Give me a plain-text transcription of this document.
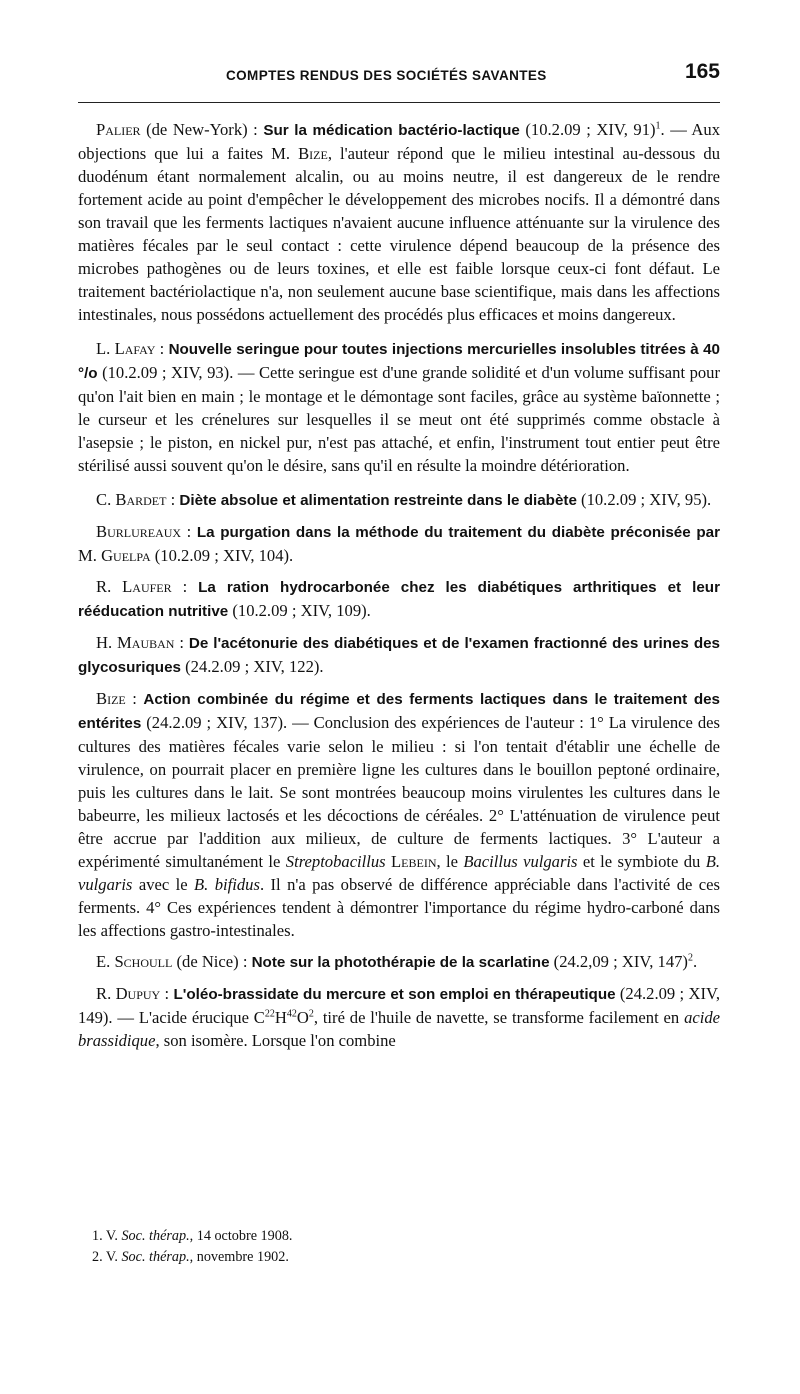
COMPTES RENDUS DES SOCIÉTÉS SAVANTES	165

Palier (de New-York) : Sur la médication bactério-lactique (10.2.09 ; XIV, 91)$^1$. — Aux objections que lui a faites M. Bize, l'auteur répond que le milieu intestinal au-dessous du duodénum étant normalement alcalin, ou au moins neutre, il est dangereux de le rendre fortement acide au point d'empêcher le développement des microbes nocifs. Il a démontré dans son travail que les ferments lactiques n'avaient aucune influence atténuante sur la virulence des matières fécales par le seul contact : cette virulence dépend beaucoup de la présence des microbes pathogènes ou de leurs toxines, et elle est faible lorsque ceux-ci font défaut. Le traitement bactériolactique n'a, non seulement aucune base scientifique, mais dans les affections intestinales, nous possédons actuellement des procédés plus efficaces et moins dangereux.

L. Lafay : Nouvelle seringue pour toutes injections mercurielles insolubles titrées à 40 °/o (10.2.09 ; XIV, 93). — Cette seringue est d'une grande solidité et d'un volume suffisant pour qu'on l'ait bien en main ; le montage et le démontage sont faciles, grâce au système baïonnette ; le curseur et les crénelures sur lesquelles il se meut ont été supprimés comme obstacle à l'asepsie ; le piston, en nickel pur, n'est pas attaché, et enfin, l'instrument tout entier peut être stérilisé aussi souvent qu'on le désire, sans qu'il en résulte la moindre détérioration.

C. Bardet : Diète absolue et alimentation restreinte dans le diabète (10.2.09 ; XIV, 95).

Burlureaux : La purgation dans la méthode du traitement du diabète préconisée par M. Guelpa (10.2.09 ; XIV, 104).

R. Laufer : La ration hydrocarbonée chez les diabétiques arthritiques et leur rééducation nutritive (10.2.09 ; XIV, 109).

H. Mauban : De l'acétonurie des diabétiques et de l'examen fractionné des urines des glycosuriques (24.2.09 ; XIV, 122).

Bize : Action combinée du régime et des ferments lactiques dans le traitement des entérites (24.2.09 ; XIV, 137). — Conclusion des expériences de l'auteur : 1° La virulence des cultures des matières fécales varie selon le milieu : si l'on tentait d'établir une échelle de virulence, on pourrait placer en première ligne les cultures dans le bouillon peptoné ordinaire, puis les cultures dans le lait. Se sont montrées beaucoup moins virulentes les cultures dans le babeurre, les milieux lactosés et les décoctions de céréales. 2° L'atténuation de virulence peut être accrue par l'addition aux milieux, de culture de ferments lactiques. 3° L'auteur a expérimenté simultanément le Streptobacillus Lebein, le Bacillus vulgaris et le symbiote du B. vulgaris avec le B. bifidus. Il n'a pas observé de différence appréciable dans l'activité de ces ferments. 4° Ces expériences tendent à démontrer l'importance du régime hydro-carboné dans les affections gastro-intestinales.

E. Schoull (de Nice) : Note sur la photothérapie de la scarlatine (24.2,09 ; XIV, 147)$^2$.

R. Dupuy : L'oléo-brassidate du mercure et son emploi en thérapeutique (24.2.09 ; XIV, 149). — L'acide érucique $C^{22}H^{42}O^2$, tiré de l'huile de navette, se transforme facilement en acide brassidique, son isomère. Lorsque l'on combine

1. V. Soc. thérap., 14 octobre 1908.
2. V. Soc. thérap., novembre 1902.
